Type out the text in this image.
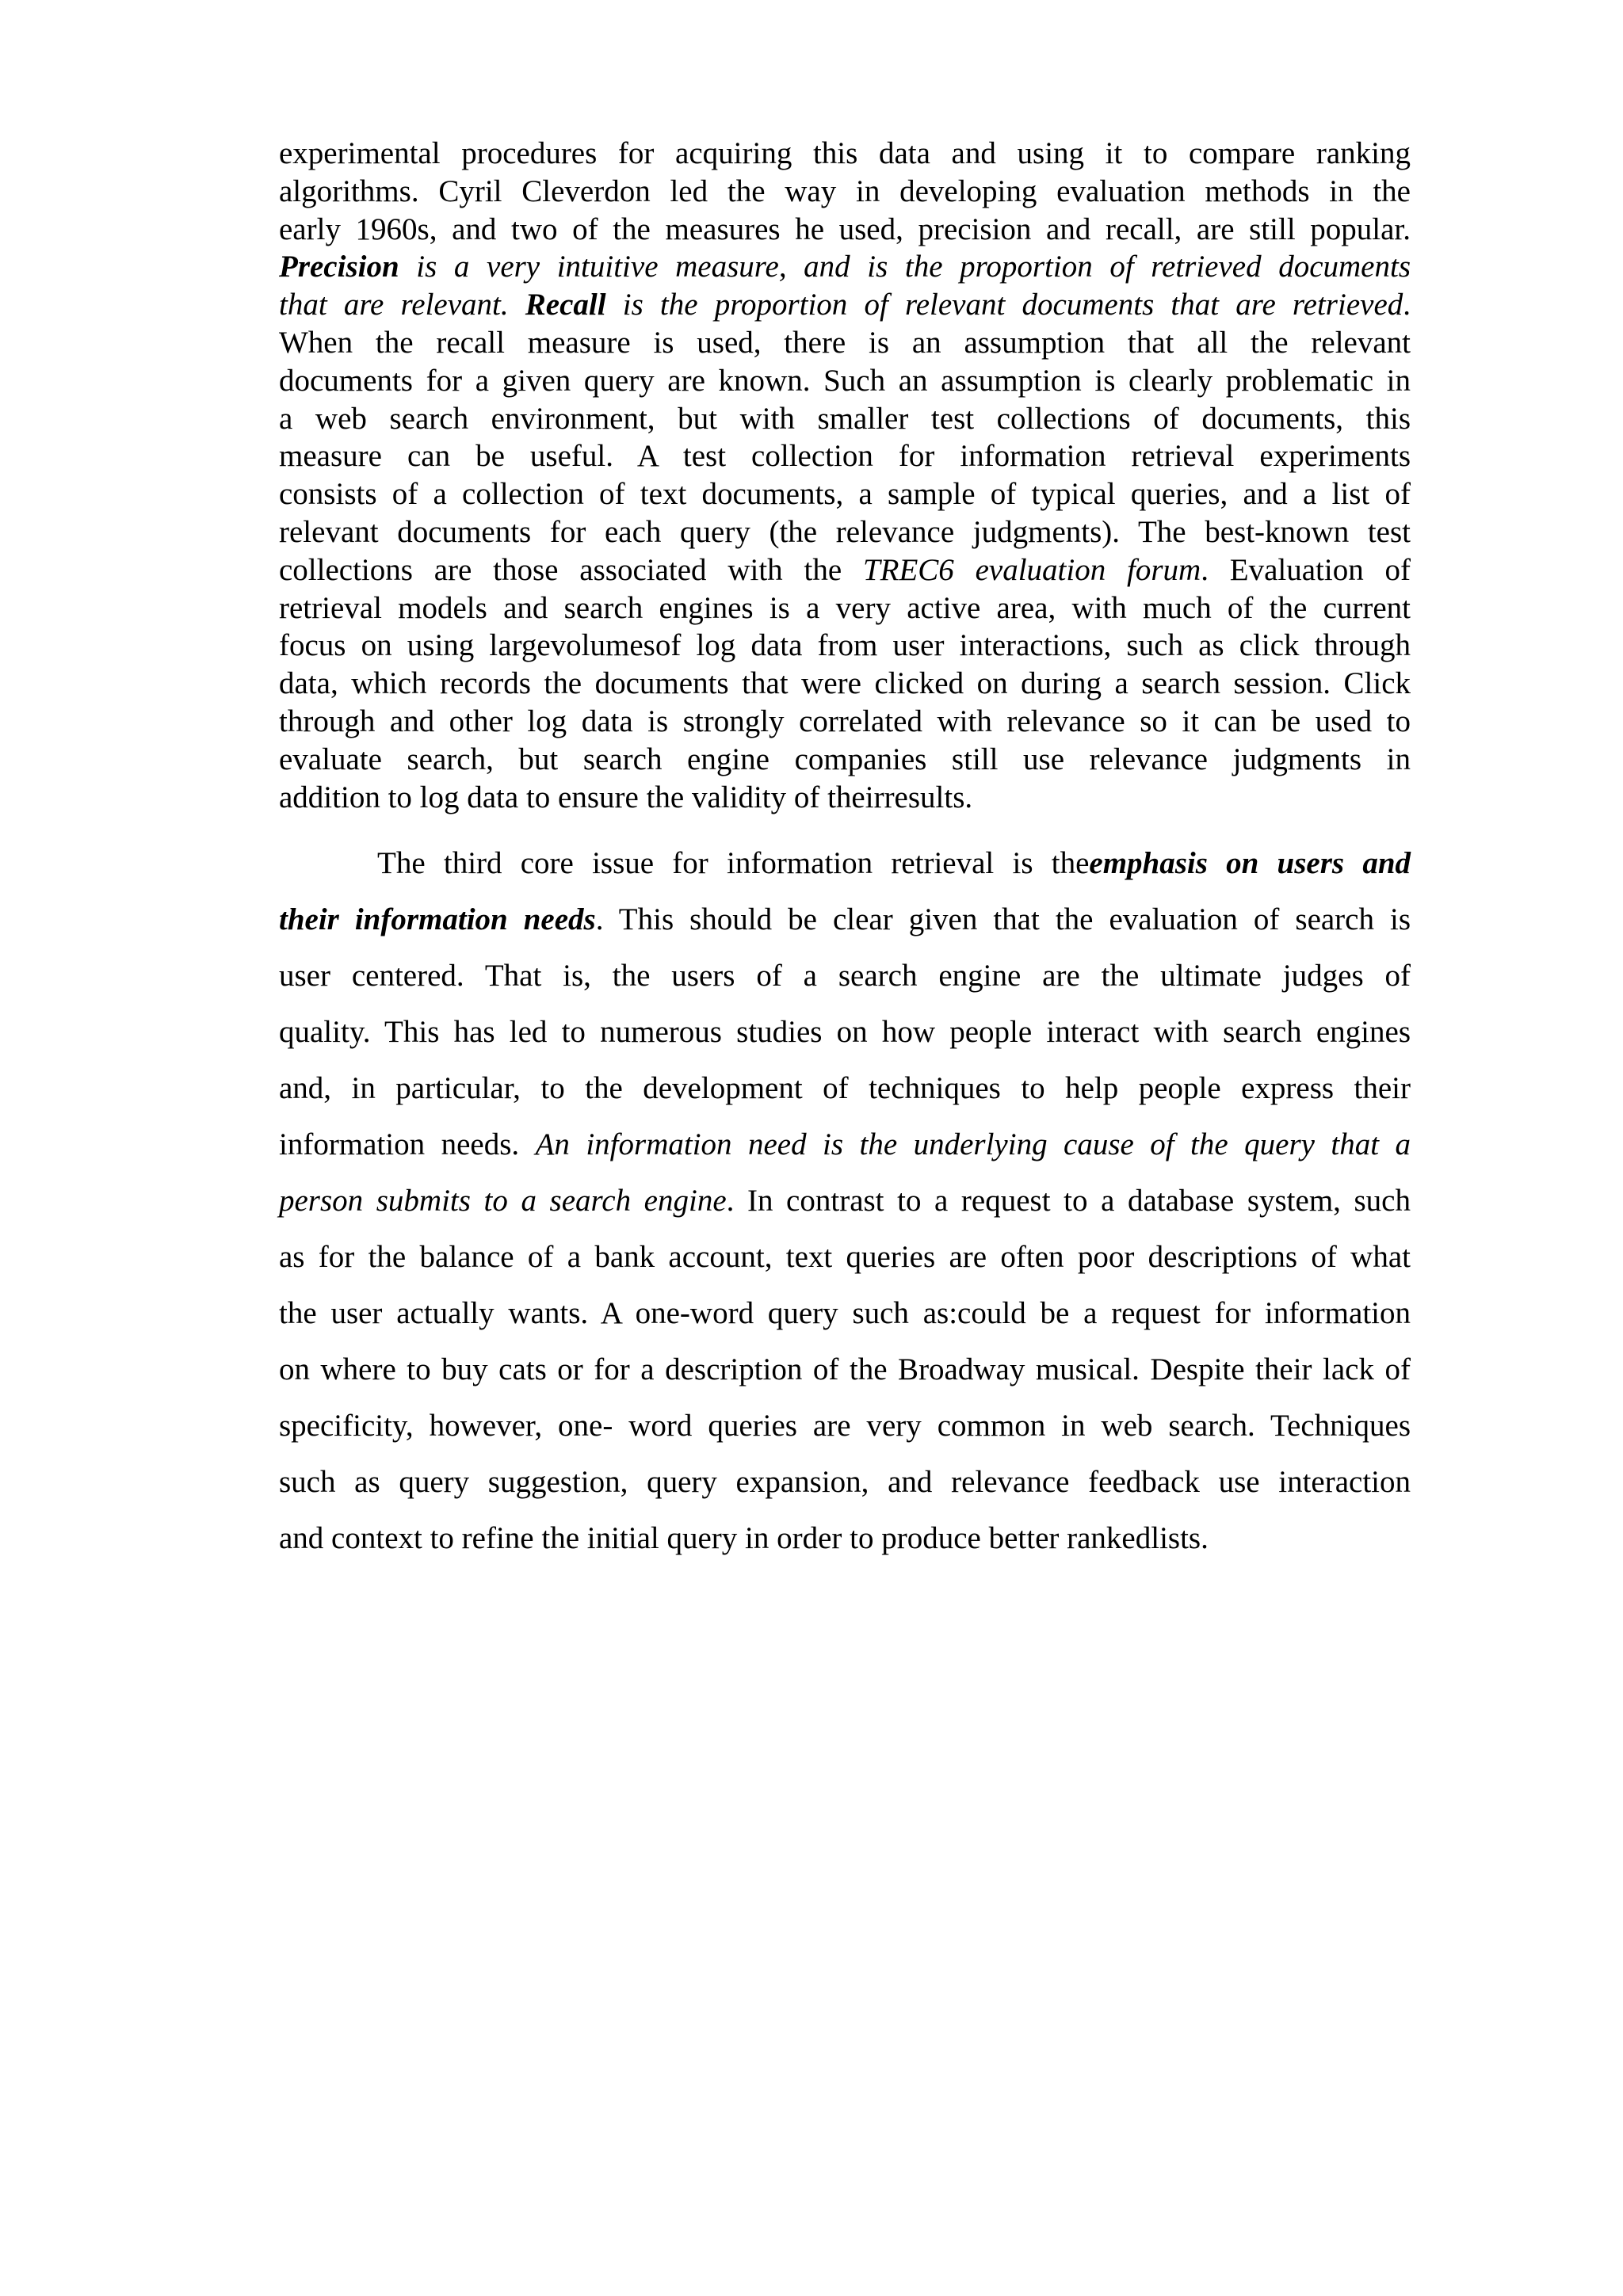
experimental procedures for acquiring this data and using it to compare ranking
algorithms. Cyril Cleverdon led the way in developing evaluation methods in the
early 1960s, and two of the measures he used, precision and recall, are still popular.
Precision is a very intuitive measure, and is the proportion of retrieved documents
that are relevant. Recall is the proportion of relevant documents that are retrieved.
When the recall measure is used, there is an assumption that all the relevant
documents for a given query are known. Such an assumption is clearly problematic in
a web search environment, but with smaller test collections of documents, this
measure can be useful. A test collection for information retrieval experiments
consists of a collection of text documents, a sample of typical queries, and a list of
relevant documents for each query (the relevance judgments). The best-known test
collections are those associated with the TREC6 evaluation forum. Evaluation of
retrieval models and search engines is a very active area, with much of the current
focus on using largevolumesof log data from user interactions, such as click through
data, which records the documents that were clicked on during a search session. Click
through and other log data is strongly correlated with relevance so it can be used to
evaluate search, but search engine companies still use relevance judgments in
addition to log data to ensure the validity of theirresults.
The third core issue for information retrieval is theemphasis on users and
their information needs. This should be clear given that the evaluation of search is
user centered. That is, the users of a search engine are the ultimate judges of
quality. This has led to numerous studies on how people interact with search engines
and, in particular, to the development of techniques to help people express their
information needs. An information need is the underlying cause of the query that a
person submits to a search engine. In contrast to a request to a database system, such
as for the balance of a bank account, text queries are often poor descriptions of what
the user actually wants. A one-word query such as:could be a request for information
on where to buy cats or for a description of the Broadway musical. Despite their lack of
specificity, however, one- word queries are very common in web search. Techniques
such as query suggestion, query expansion, and relevance feedback use interaction
and context to refine the initial query in order to produce better rankedlists.
